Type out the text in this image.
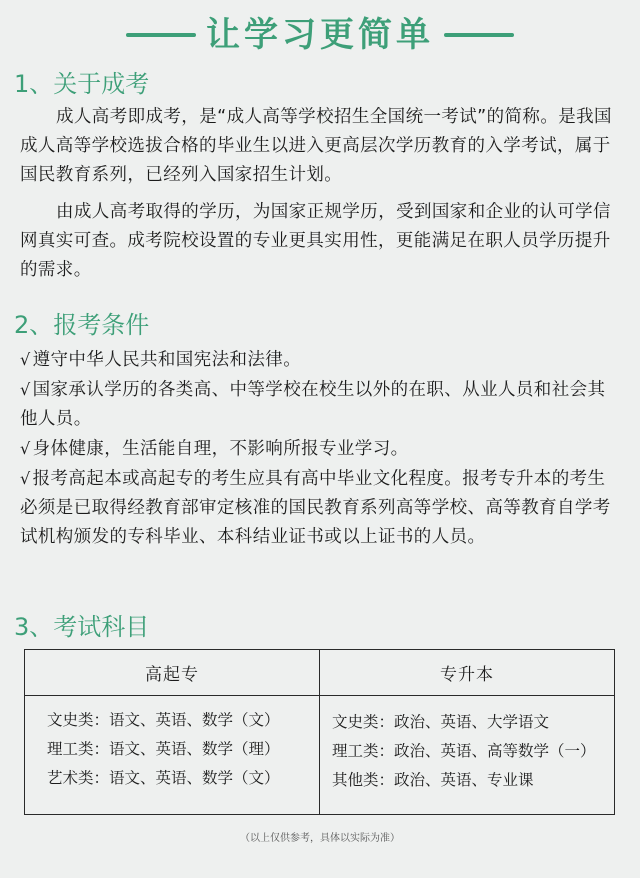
让学习更简单
1、关于成考

成人高考即成考，是“成人高等学校招生全国统一考试”的简称。是我国成人高等学校选拔合格的毕业生以进入更高层次学历教育的入学考试，属于国民教育系列，已经列入国家招生计划。

由成人高考取得的学历，为国家正规学历，受到国家和企业的认可学信网真实可查。成考院校设置的专业更具实用性，更能满足在职人员学历提升的需求。

2、报考条件
√ 遵守中华人民共和国宪法和法律。
√ 国家承认学历的各类高、中等学校在校生以外的在职、从业人员和社会其他人员。
√ 身体健康，生活能自理，不影响所报专业学习。
√ 报考高起本或高起专的考生应具有高中毕业文化程度。报考专升本的考生必须是已取得经教育部审定核准的国民教育系列高等学校、高等教育自学考试机构颁发的专科毕业、本科结业证书或以上证书的人员。
3、考试科目
高起专
文史类：语文、英语、数学（文）
理工类：语文、英语、数学（理）
艺术类：语文、英语、数学（文）
专升本
文史类：政治、英语、大学语文
理工类：政治、英语、高等数学（一）
其他类：政治、英语、专业课
（以上仅供参考，具体以实际为准）
